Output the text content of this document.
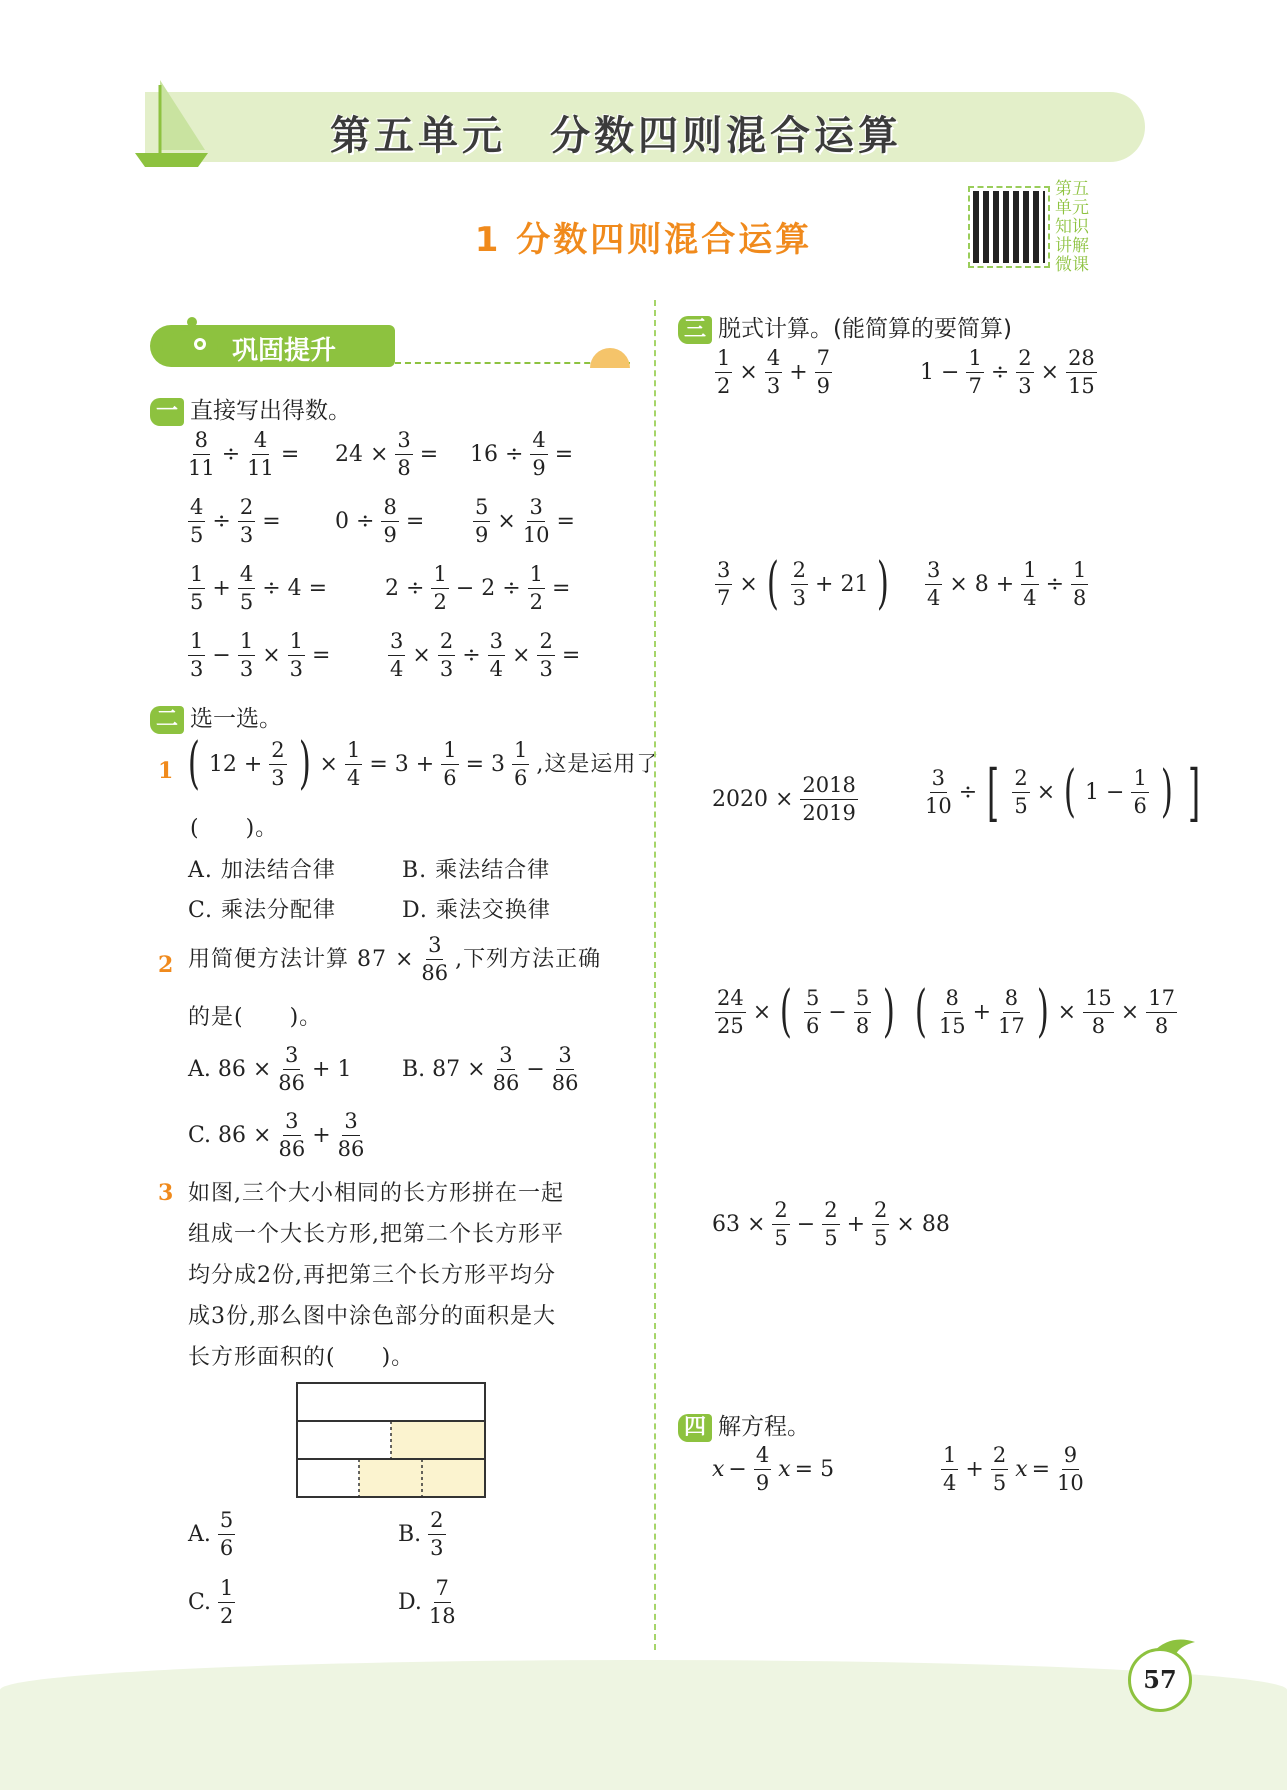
第五单元　分数四则混合运算
1 分数四则混合运算
第五单元知识讲解微课
巩固提升
一 直接写出得数。
$\frac{8}{11} \div \frac{4}{11} = 24 \times \frac{3}{8} = 16 \div \frac{4}{9}$ =
$\frac{4}{5} \div \frac{2}{3} = 0 \div \frac{8}{9} = \frac{5}{9} \times \frac{3}{10}$ =
$\frac{1}{5} + \frac{4}{5} \div 4$ =	$2 \div \frac{1}{2} - 2 \div \frac{1}{2}$ =
$\frac{1}{3} - \frac{1}{3} \times \frac{1}{3}$ =	$\frac{3}{4} \times \frac{2}{3} \div \frac{3}{4} \times \frac{2}{3}$ =
二 选一选。
1 ( $12 + \frac{2}{3}$ ) × $\frac{1}{4} = 3 + \frac{1}{6} = 3 \frac{1}{6}$ ,这是运用了
(　　)。
A. 加法结合律	B. 乘法结合律
C. 乘法分配律	D. 乘法交换律
2 用简便方法计算 $87 \times \frac{3}{86}$ ,下列方法正确
的是(　　)。
A. $86 \times \frac{3}{86} + 1$ B. $87 \times \frac{3}{86} - \frac{3}{86}$
C. $86 \times \frac{3}{86} + \frac{3}{86}$
3 如图,三个大小相同的长方形拼在一起
组成一个大长方形,把第二个长方形平
均分成2份,再把第三个长方形平均分
成3份,那么图中涂色部分的面积是大
长方形面积的(　　)。
A. $\frac{5}{6}$	B. $\frac{2}{3}$
C. $\frac{1}{2}$	D. $\frac{7}{18}$
三 脱式计算。(能简算的要简算)
$\frac{1}{2} \times \frac{4}{3} + \frac{7}{9}$	$1 - \frac{1}{7} \div \frac{2}{3} \times \frac{28}{15}$
$\frac{3}{7}$ × ( $\frac{2}{3} + 21$ ) $\frac{3}{4} \times 8 + \frac{1}{4} \div \frac{1}{8}$
$2020 \times \frac{2018}{2019}$	$\frac{3}{10}$ ÷ [ $\frac{2}{5}$ × ( $1 - \frac{1}{6}$ ) ]
$\frac{24}{25}$ × ( $\frac{5}{6} - \frac{5}{8}$ ) ( $\frac{8}{15} + \frac{8}{17}$ ) × $\frac{15}{8} \times \frac{17}{8}$
$63 \times \frac{2}{5} - \frac{2}{5} + \frac{2}{5} \times 88$
四 解方程。
$x - \frac{4}{9}$ x = 5	$\frac{1}{4} + \frac{2}{5}$ $x = \frac{9}{10}$
57
